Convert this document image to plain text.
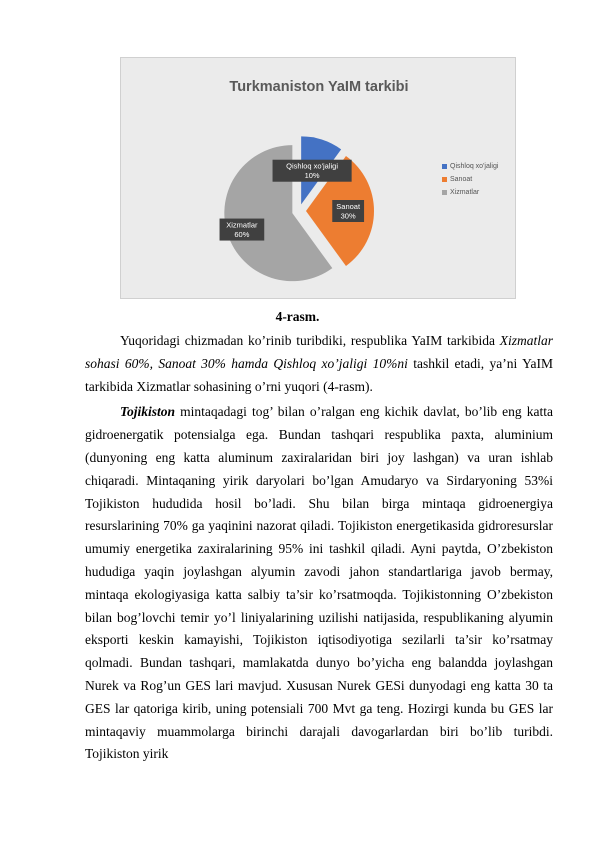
Turkmaniston YaIM tarkibi
Qishloq xo'jaligi
10%
Sanoat
30%
Xizmatlar
60%
Qishloq xo'jaligi
Sanoat
Xizmatlar
4-rasm.

Yuqoridagi chizmadan ko’rinib turibdiki, respublika YaIM tarkibida Xizmatlar sohasi 60%, Sanoat 30% hamda Qishloq xo’jaligi 10%ni tashkil etadi, ya’ni YaIM tarkibida Xizmatlar sohasining o’rni yuqori (4-rasm).

Tojikiston mintaqadagi tog’ bilan o’ralgan eng kichik davlat, bo’lib eng katta gidroenergatik potensialga ega. Bundan tashqari respublika paxta, aluminium (dunyoning eng katta aluminum zaxiralaridan biri joy lashgan) va uran ishlab chiqaradi. Mintaqaning yirik daryolari bo’lgan Amudaryo va Sirdaryoning 53%i Tojikiston hududida hosil bo’ladi. Shu bilan birga mintaqa gidroenergiya resurslarining 70% ga yaqinini nazorat qiladi. Tojikiston energetikasida gidroresurslar umumiy energetika zaxiralarining 95% ini tashkil qiladi. Ayni paytda, O’zbekiston hududiga yaqin joylashgan alyumin zavodi jahon standartlariga javob bermay, mintaqa ekologiyasiga katta salbiy ta’sir ko’rsatmoqda. Tojikistonning O’zbekiston bilan bog’lovchi temir yo’l liniyalarining uzilishi natijasida, respublikaning alyumin eksporti keskin kamayishi, Tojikiston iqtisodiyotiga sezilarli ta’sir ko’rsatmay qolmadi. Bundan tashqari, mamlakatda dunyo bo’yicha eng balandda joylashgan Nurek va Rog’un GES lari mavjud. Xususan Nurek GESi dunyodagi eng katta 30 ta GES lar qatoriga kirib, uning potensiali 700 Mvt ga teng. Hozirgi kunda bu GES lar mintaqaviy muammolarga birinchi darajali davogarlardan biri bo’lib turibdi. Tojikiston yirik
